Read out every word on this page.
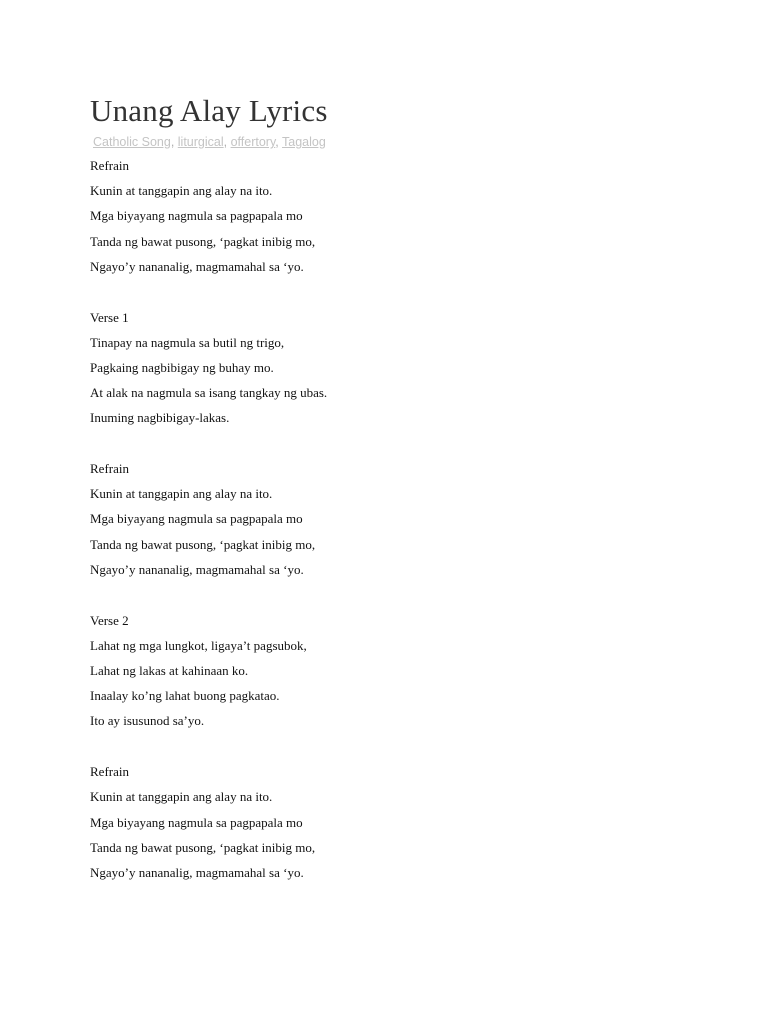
Unang Alay Lyrics
Catholic Song, liturgical, offertory, Tagalog
Refrain
Kunin at tanggapin ang alay na ito.
Mga biyayang nagmula sa pagpapala mo
Tanda ng bawat pusong, ‘pagkat inibig mo,
Ngayo’y nananalig, magmamahal sa ‘yo.
Verse 1
Tinapay na nagmula sa butil ng trigo,
Pagkaing nagbibigay ng buhay mo.
At alak na nagmula sa isang tangkay ng ubas.
Inuming nagbibigay-lakas.
Refrain
Kunin at tanggapin ang alay na ito.
Mga biyayang nagmula sa pagpapala mo
Tanda ng bawat pusong, ‘pagkat inibig mo,
Ngayo’y nananalig, magmamahal sa ‘yo.
Verse 2
Lahat ng mga lungkot, ligaya’t pagsubok,
Lahat ng lakas at kahinaan ko.
Inaalay ko’ng lahat buong pagkatao.
Ito ay isusunod sa’yo.
Refrain
Kunin at tanggapin ang alay na ito.
Mga biyayang nagmula sa pagpapala mo
Tanda ng bawat pusong, ‘pagkat inibig mo,
Ngayo’y nananalig, magmamahal sa ‘yo.
